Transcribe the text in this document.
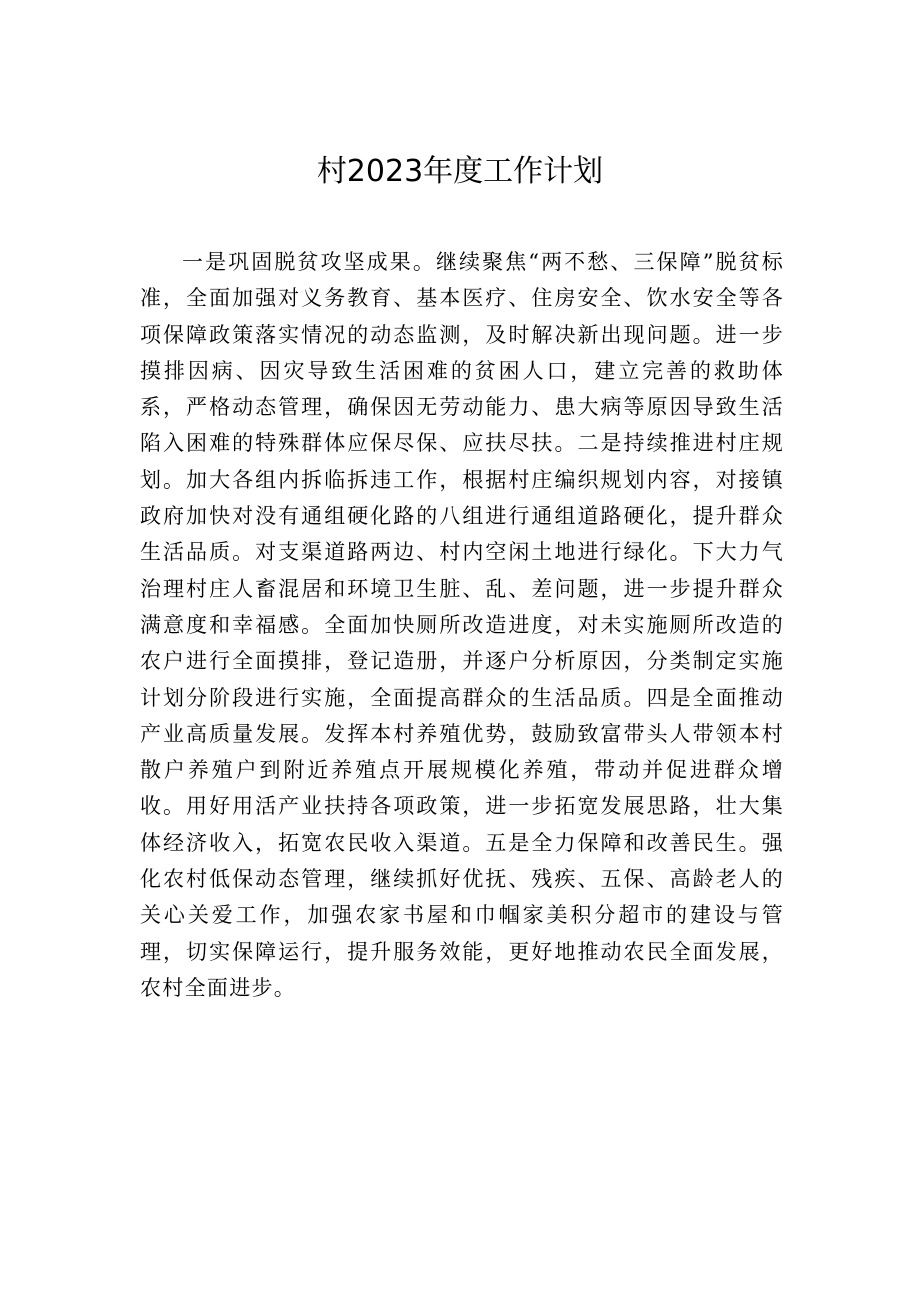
村2023年度工作计划

一是巩固脱贫攻坚成果。继续聚焦“两不愁、三保障”脱贫标准，全面加强对义务教育、基本医疗、住房安全、饮水安全等各项保障政策落实情况的动态监测，及时解决新出现问题。进一步摸排因病、因灾导致生活困难的贫困人口，建立完善的救助体系，严格动态管理，确保因无劳动能力、患大病等原因导致生活陷入困难的特殊群体应保尽保、应扶尽扶。二是持续推进村庄规划。加大各组内拆临拆违工作，根据村庄编织规划内容，对接镇政府加快对没有通组硬化路的八组进行通组道路硬化，提升群众生活品质。对支渠道路两边、村内空闲土地进行绿化。下大力气治理村庄人畜混居和环境卫生脏、乱、差问题，进一步提升群众满意度和幸福感。全面加快厕所改造进度，对未实施厕所改造的农户进行全面摸排，登记造册，并逐户分析原因，分类制定实施计划分阶段进行实施，全面提高群众的生活品质。四是全面推动产业高质量发展。发挥本村养殖优势，鼓励致富带头人带领本村散户养殖户到附近养殖点开展规模化养殖，带动并促进群众增收。用好用活产业扶持各项政策，进一步拓宽发展思路，壮大集体经济收入，拓宽农民收入渠道。五是全力保障和改善民生。强化农村低保动态管理，继续抓好优抚、残疾、五保、高龄老人的关心关爱工作，加强农家书屋和巾帼家美积分超市的建设与管理，切实保障运行，提升服务效能，更好地推动农民全面发展，农村全面进步。
